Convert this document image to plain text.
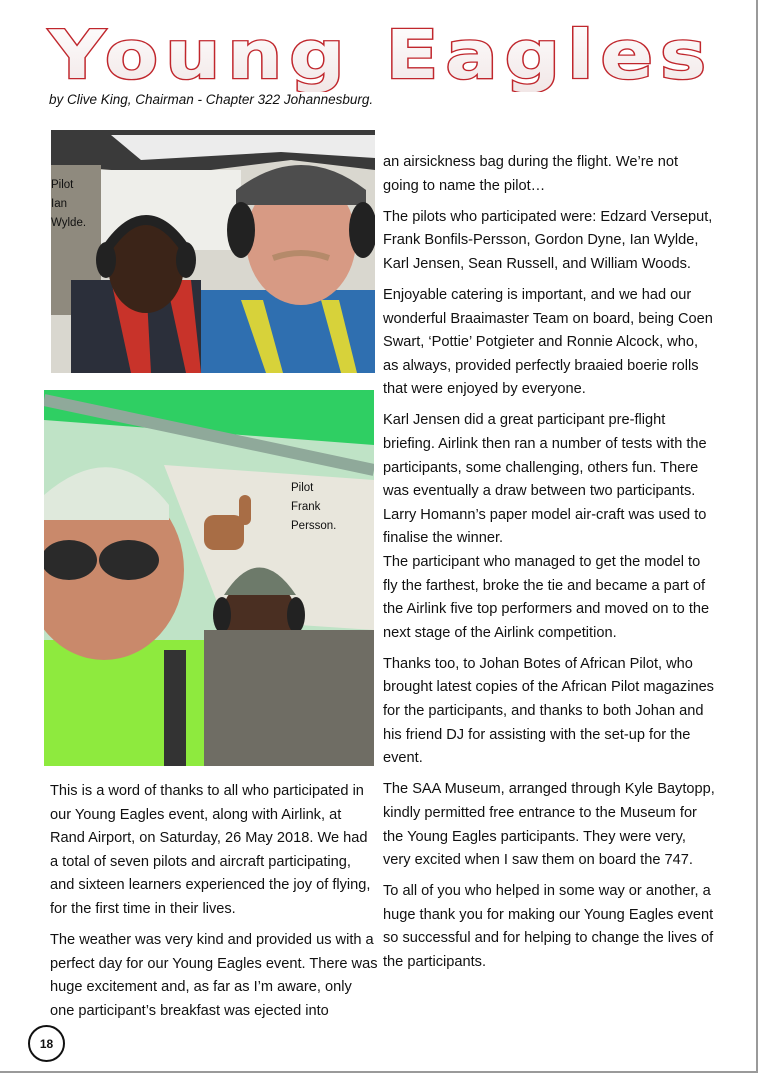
Young Eagles
by Clive King, Chairman - Chapter 322 Johannesburg.
Pilot
Ian
Wylde.
Pilot
Frank
Persson.

This is a word of thanks to all who participated in our Young Eagles event, along with Airlink, at Rand Airport, on Saturday, 26 May 2018. We had a total of seven pilots and aircraft participating, and sixteen learners experienced the joy of flying, for the first time in their lives.

The weather was very kind and provided us with a perfect day for our Young Eagles event. There was huge excitement and, as far as I’m aware, only one participant’s breakfast was ejected into

an airsickness bag during the flight. We’re not going to name the pilot…

The pilots who participated were: Edzard Verseput, Frank Bonfils-Persson, Gordon Dyne, Ian Wylde, Karl Jensen, Sean Russell, and William Woods.

Enjoyable catering is important, and we had our wonderful Braaimaster Team on board, being Coen Swart, ‘Pottie’ Potgieter and Ronnie Alcock, who, as always, provided perfectly braaied boerie rolls that were enjoyed by everyone.

Karl Jensen did a great participant pre-flight briefing. Airlink then ran a number of tests with the participants, some challenging, others fun. There was eventually a draw between two participants. Larry Homann’s paper model air-craft was used to finalise the winner.

The participant who managed to get the model to fly the farthest, broke the tie and became a part of the Airlink five top performers and moved on to the next stage of the Airlink competition.

Thanks too, to Johan Botes of African Pilot, who brought latest copies of the African Pilot magazines for the participants, and thanks to both Johan and his friend DJ for assisting with the set-up for the event.

The SAA Museum, arranged through Kyle Baytopp, kindly permitted free entrance to the Museum for the Young Eagles participants. They were very, very excited when I saw them on board the 747.

To all of you who helped in some way or another, a huge thank you for making our Young Eagles event so successful and for helping to change the lives of the participants.

18
